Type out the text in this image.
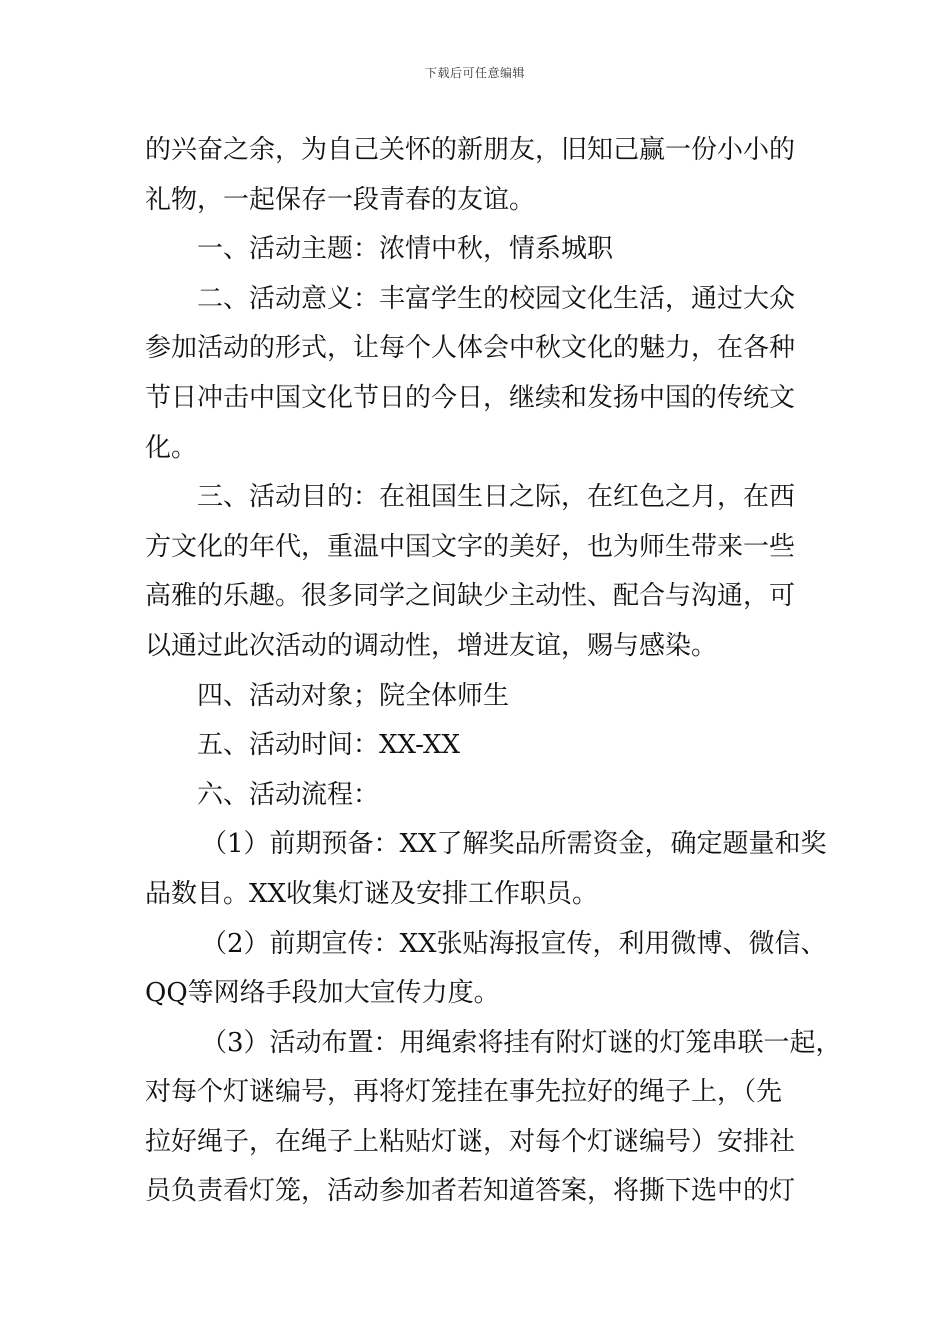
下载后可任意编辑
的兴奋之余，为自己关怀的新朋友，旧知己赢一份小小的
礼物，一起保存一段青春的友谊。
一、活动主题：浓情中秋，情系城职
二、活动意义：丰富学生的校园文化生活，通过大众
参加活动的形式，让每个人体会中秋文化的魅力，在各种
节日冲击中国文化节日的今日，继续和发扬中国的传统文
化。
三、活动目的：在祖国生日之际，在红色之月，在西
方文化的年代，重温中国文字的美好，也为师生带来一些
高雅的乐趣。很多同学之间缺少主动性、配合与沟通，可
以通过此次活动的调动性，增进友谊，赐与感染。
四、活动对象；院全体师生
五、活动时间：XX-XX
六、活动流程：
（1）前期预备：XX了解奖品所需资金，确定题量和奖
品数目。XX收集灯谜及安排工作职员。
（2）前期宣传：XX张贴海报宣传，利用微博、微信、
QQ等网络手段加大宣传力度。
（3）活动布置：用绳索将挂有附灯谜的灯笼串联一起，
对每个灯谜编号，再将灯笼挂在事先拉好的绳子上，（先
拉好绳子，在绳子上粘贴灯谜，对每个灯谜编号）安排社
员负责看灯笼，活动参加者若知道答案，将撕下选中的灯
